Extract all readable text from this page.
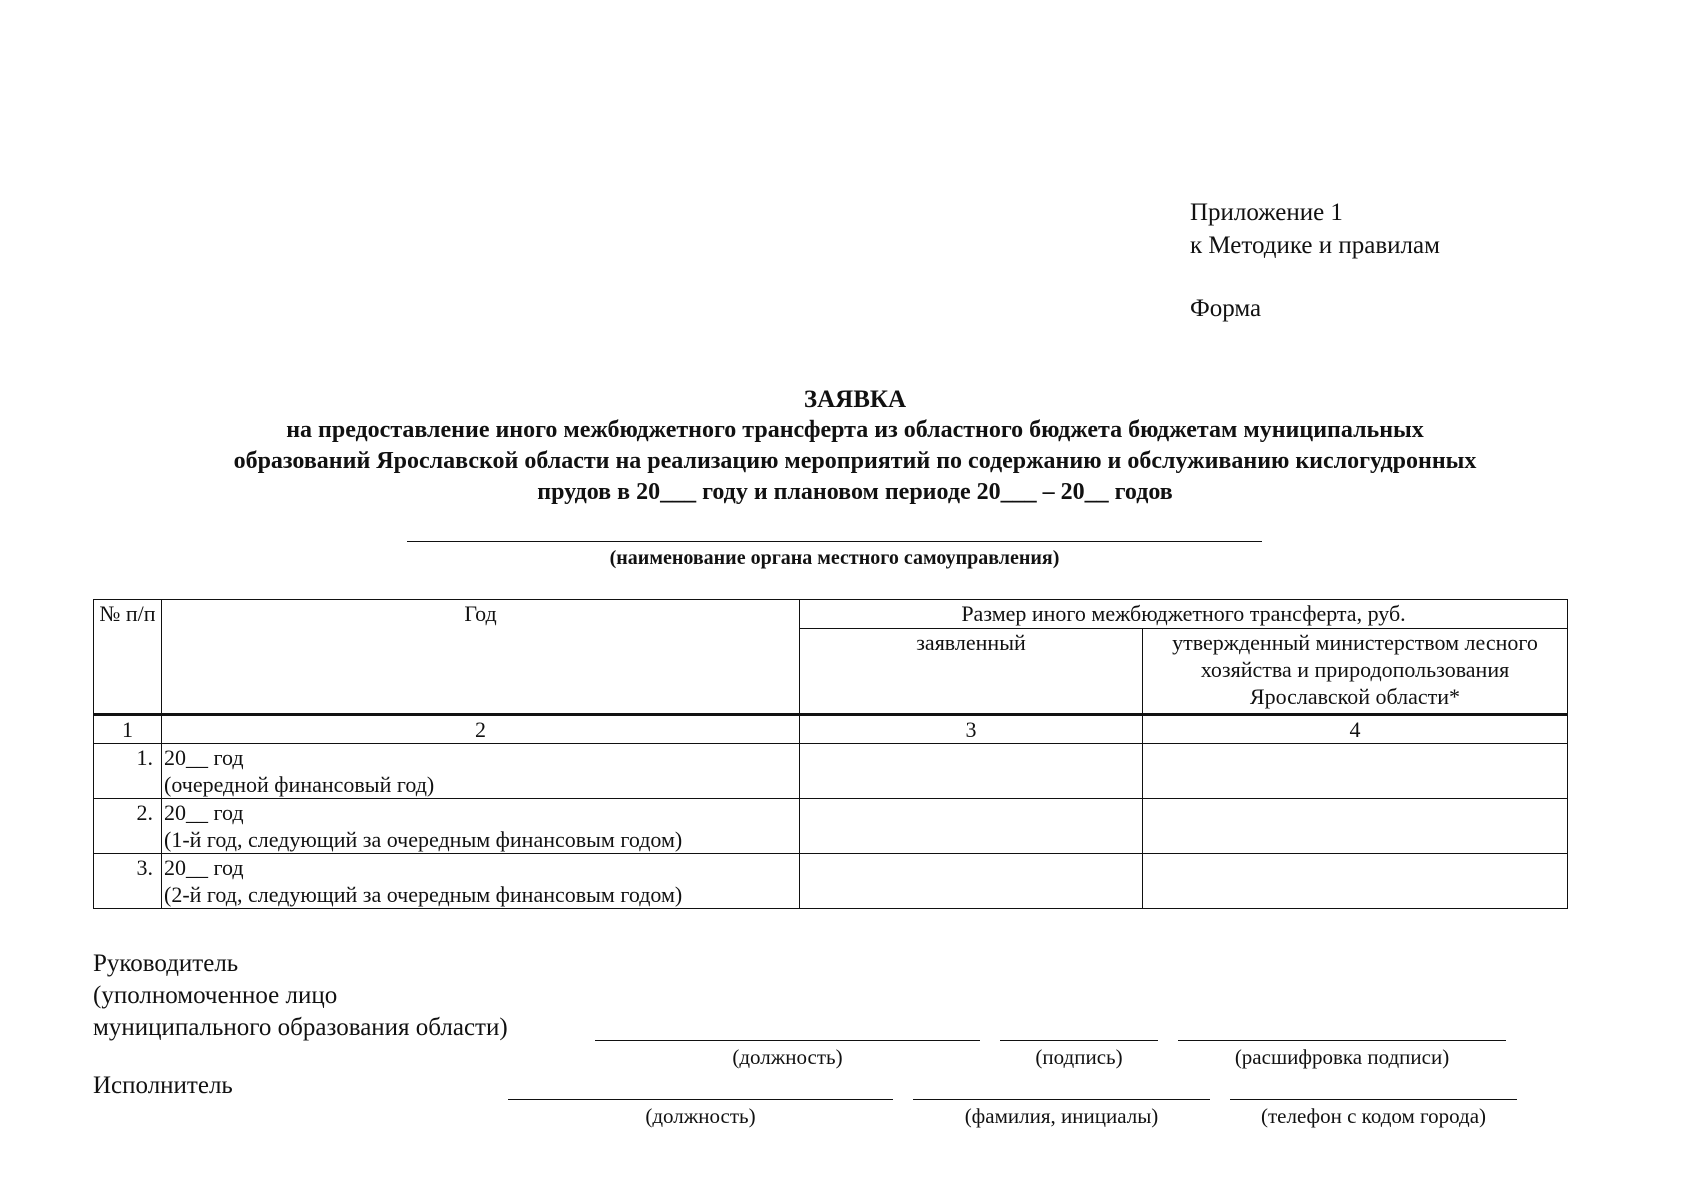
Приложение 1
к Методике и правилам
Форма
ЗАЯВКА
на предоставление иного межбюджетного трансферта из областного бюджета бюджетам муниципальных
образований Ярославской области на реализацию мероприятий по содержанию и обслуживанию кислогудронных
прудов в 20___ году и плановом периоде 20___ – 20__ годов
(наименование органа местного самоуправления)
№ п/п	Год	Размер иного межбюджетного трансферта, руб.	
		заявленный	утвержденный министерством лесного хозяйства и природопользования Ярославской области*
1	2	3	4
1.	20__ год
(очередной финансовый год)		

2.	20__ год
(1-й год, следующий за очередным финансовым годом)		

3.	20__ год
(2-й год, следующий за очередным финансовым годом)		

Руководитель
(уполномоченное лицо
муниципального образования области)
(должность)	(подпись)	(расшифровка подписи)
Исполнитель
(должность)	(фамилия, инициалы)	(телефон с кодом города)
